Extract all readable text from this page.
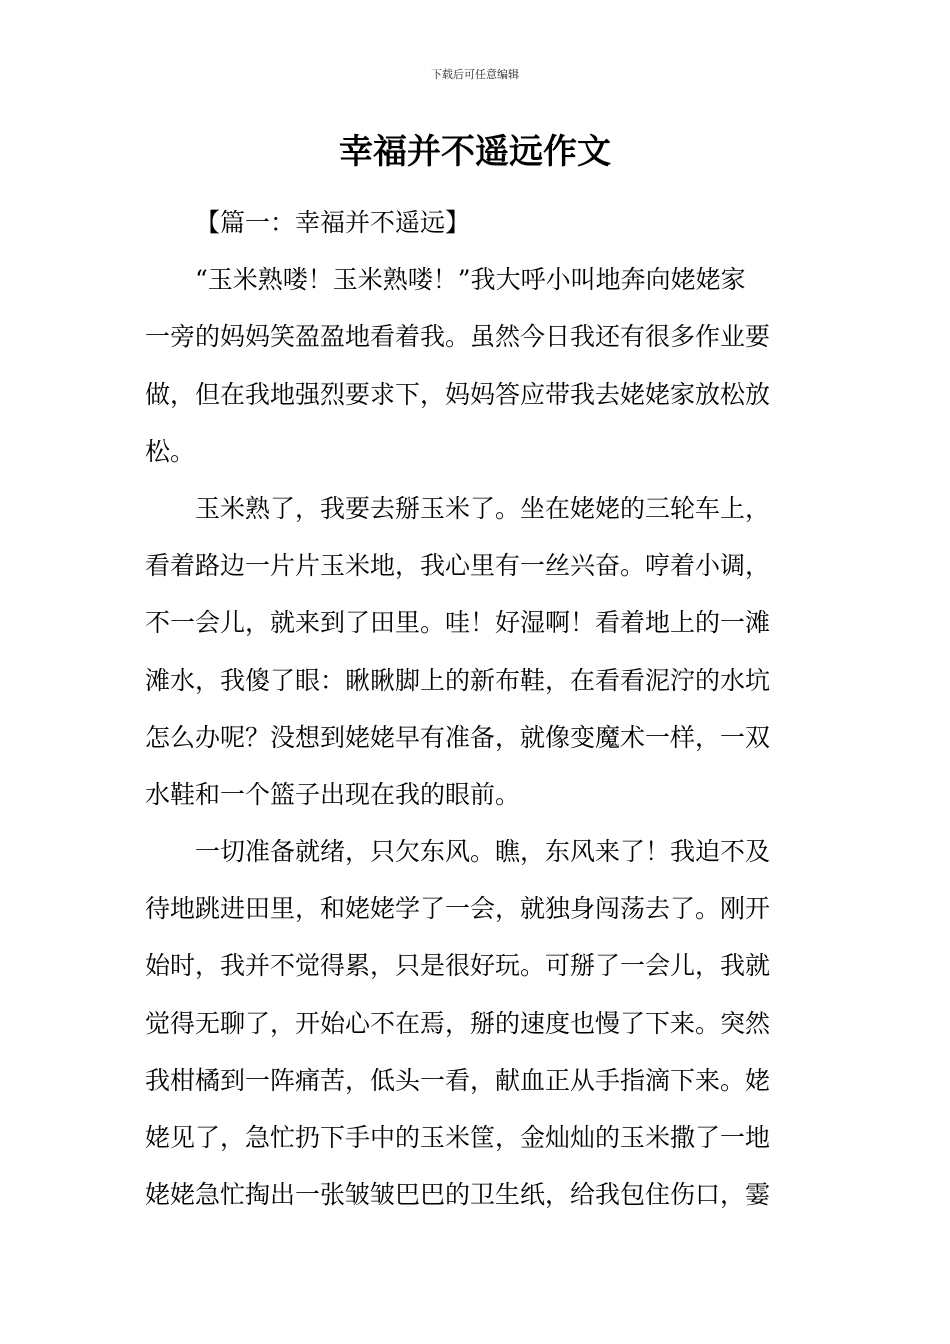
下载后可任意编辑
幸福并不遥远作文
【篇一：幸福并不遥远】
“玉米熟喽！玉米熟喽！”我大呼小叫地奔向姥姥家
一旁的妈妈笑盈盈地看着我。虽然今日我还有很多作业要
做，但在我地强烈要求下，妈妈答应带我去姥姥家放松放
松。
玉米熟了，我要去掰玉米了。坐在姥姥的三轮车上，
看着路边一片片玉米地，我心里有一丝兴奋。哼着小调，
不一会儿，就来到了田里。哇！好湿啊！看着地上的一滩
滩水，我傻了眼：瞅瞅脚上的新布鞋，在看看泥泞的水坑
怎么办呢？没想到姥姥早有准备，就像变魔术一样，一双
水鞋和一个篮子出现在我的眼前。
一切准备就绪，只欠东风。瞧，东风来了！我迫不及
待地跳进田里，和姥姥学了一会，就独身闯荡去了。刚开
始时，我并不觉得累，只是很好玩。可掰了一会儿，我就
觉得无聊了，开始心不在焉，掰的速度也慢了下来。突然
我柑橘到一阵痛苦，低头一看，献血正从手指滴下来。姥
姥见了，急忙扔下手中的玉米筐，金灿灿的玉米撒了一地
姥姥急忙掏出一张皱皱巴巴的卫生纸，给我包住伤口，霎
